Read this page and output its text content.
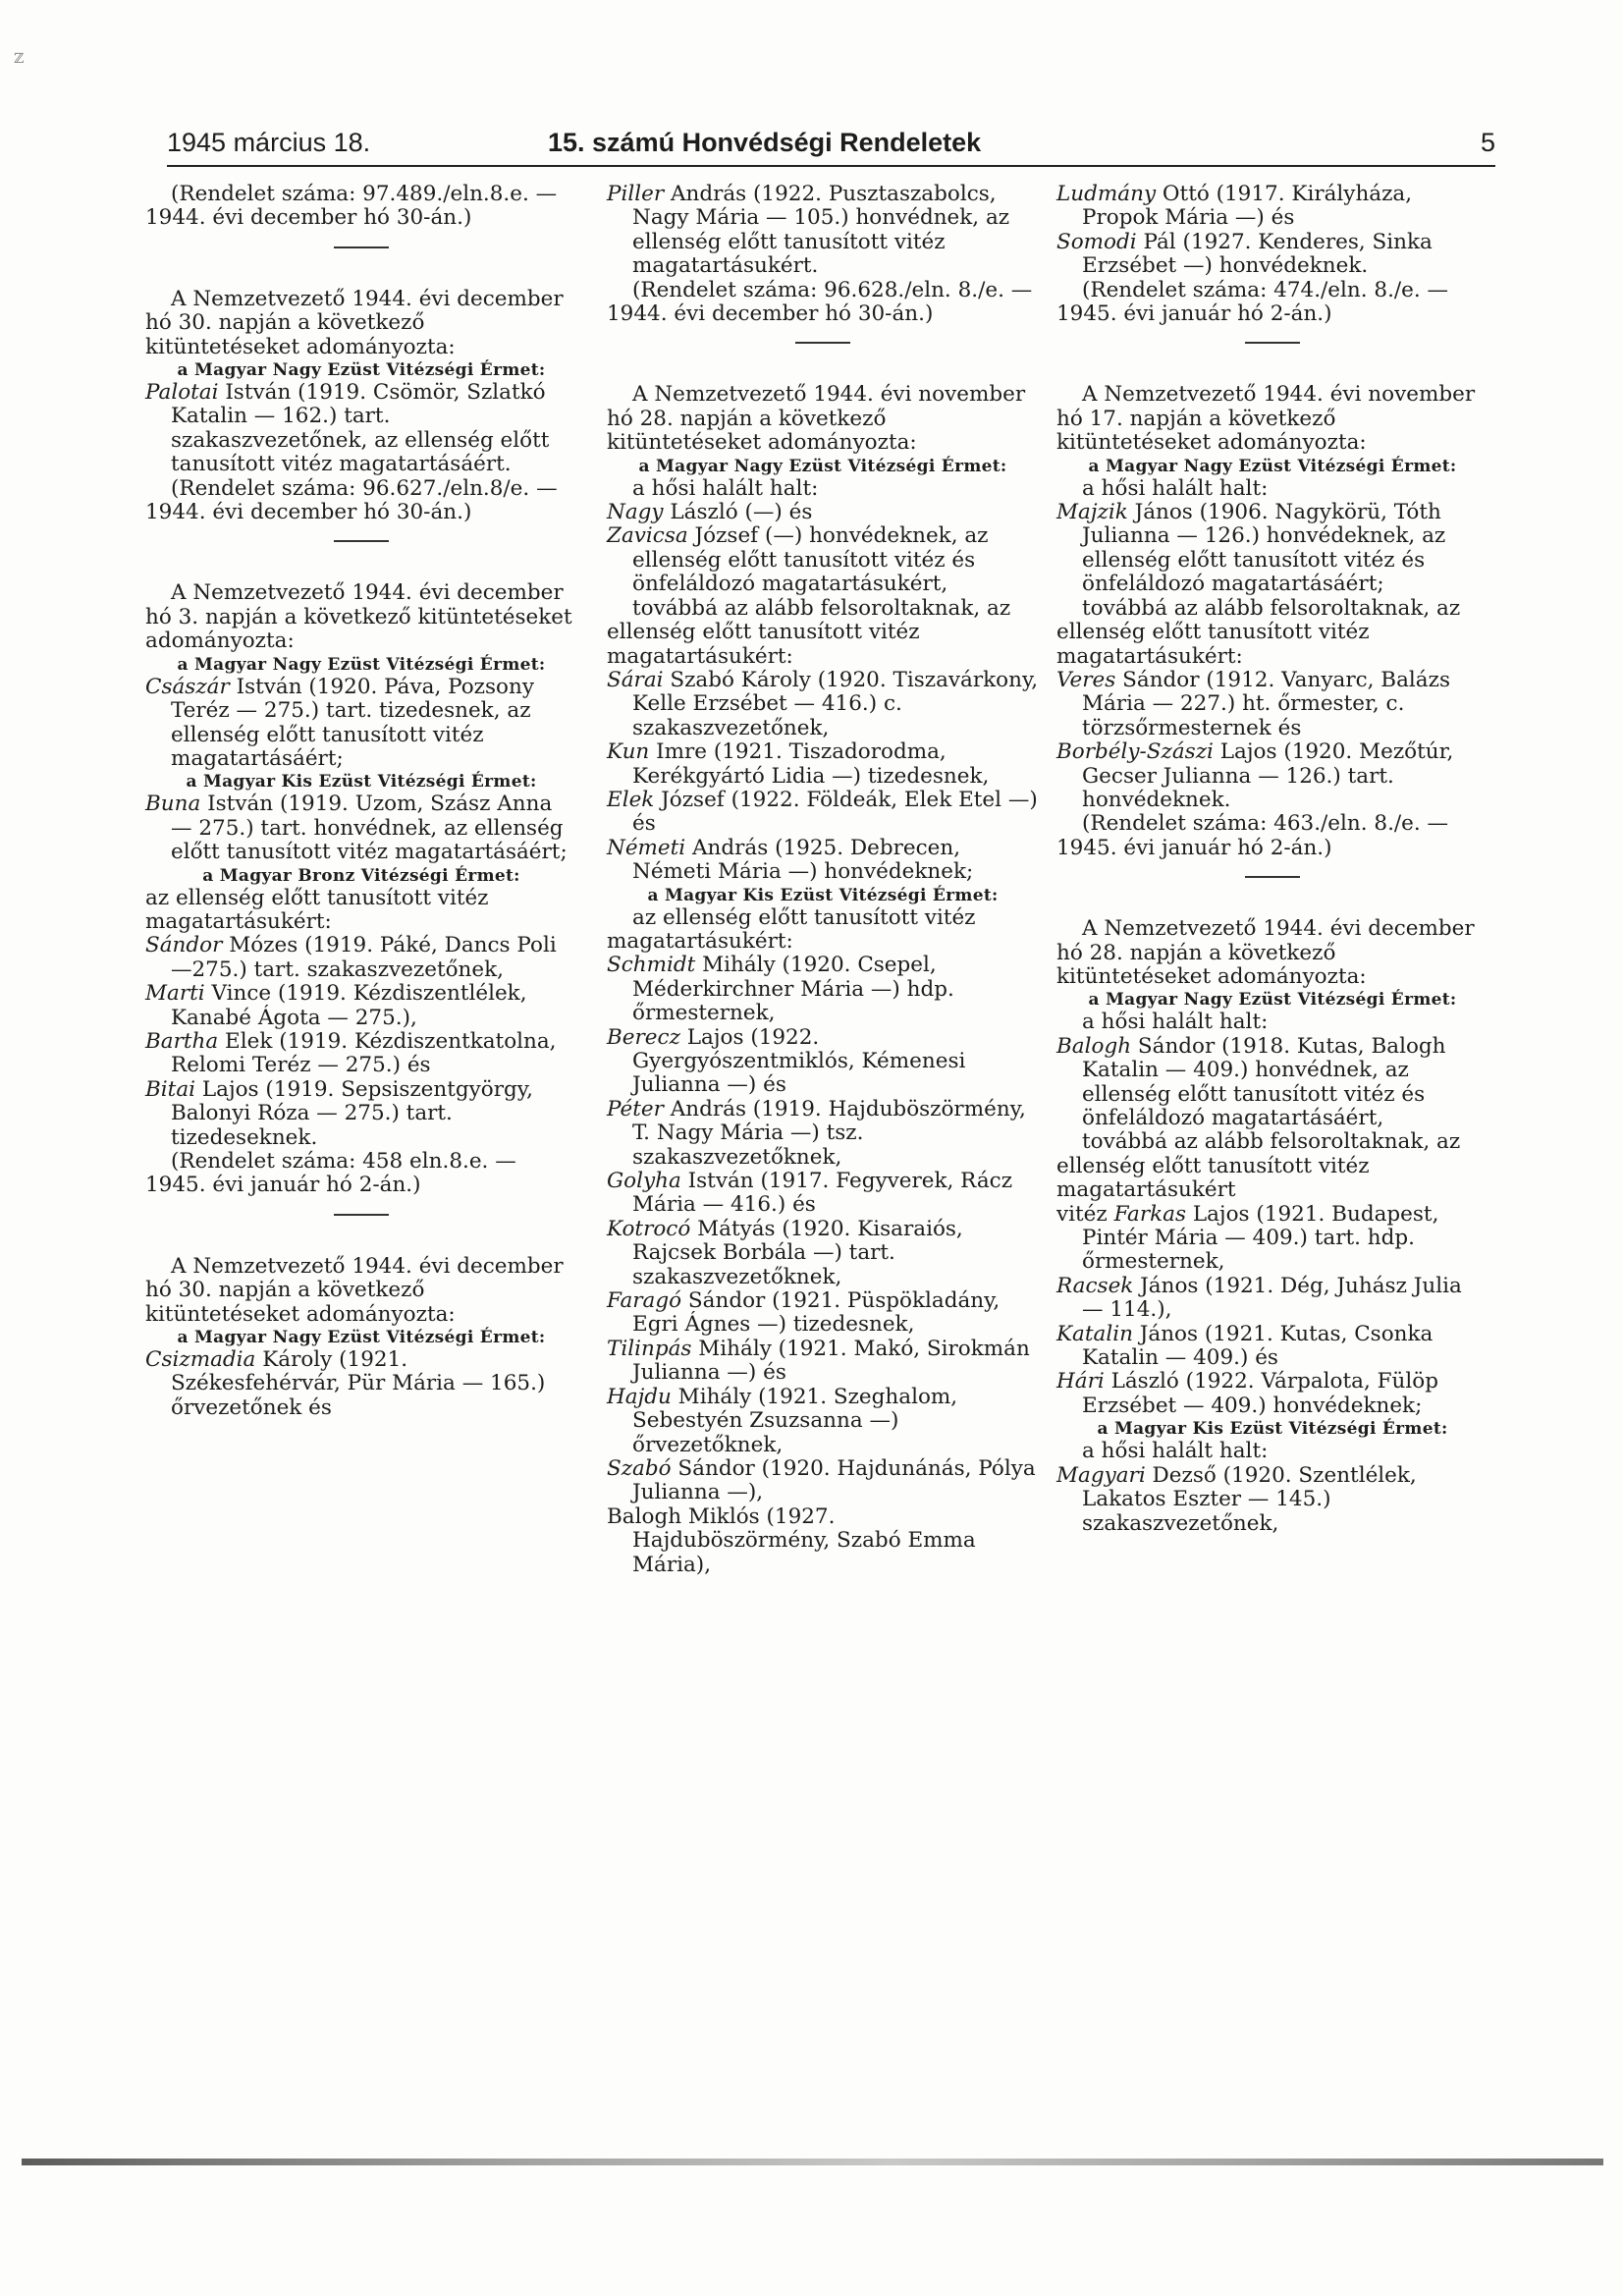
ℤ
1945 március 18.	15. számú Honvédségi Rendeletek	5

(Rendelet száma: 97.489./eln.8.e. — 1944. évi december hó 30-án.)

A Nemzetvezető 1944. évi december hó 30. napján a következő kitüntetéseket adományozta:

a Magyar Nagy Ezüst Vitézségi Érmet:

Palotai István (1919. Csömör, Szlatkó Katalin — 162.) tart. szakaszvezetőnek, az ellenség előtt tanusított vitéz magatartásáért.

(Rendelet száma: 96.627./eln.8/e. — 1944. évi december hó 30-án.)

A Nemzetvezető 1944. évi december hó 3. napján a következő kitüntetéseket adományozta:

a Magyar Nagy Ezüst Vitézségi Érmet:

Császár István (1920. Páva, Pozsony Teréz — 275.) tart. tizedesnek, az ellenség előtt tanusított vitéz magatartásáért;

a Magyar Kis Ezüst Vitézségi Érmet:

Buna István (1919. Uzom, Szász Anna — 275.) tart. honvédnek, az ellenség előtt tanusított vitéz magatartásáért;

a Magyar Bronz Vitézségi Érmet:

az ellenség előtt tanusított vitéz magatartásukért:

Sándor Mózes (1919. Páké, Dancs Poli —275.) tart. szakaszvezetőnek,

Marti Vince (1919. Kézdiszentlélek, Kanabé Ágota — 275.),

Bartha Elek (1919. Kézdiszentkatolna, Relomi Teréz — 275.) és

Bitai Lajos (1919. Sepsiszentgyörgy, Balonyi Róza — 275.) tart. tizedeseknek.

(Rendelet száma: 458 eln.8.e. — 1945. évi január hó 2-án.)

A Nemzetvezető 1944. évi december hó 30. napján a következő kitüntetéseket adományozta:

a Magyar Nagy Ezüst Vitézségi Érmet:

Csizmadia Károly (1921. Székesfehérvár, Pür Mária — 165.) őrvezetőnek és

Piller András (1922. Pusztaszabolcs, Nagy Mária — 105.) honvédnek, az ellenség előtt tanusított vitéz magatartásukért.

(Rendelet száma: 96.628./eln. 8./e. — 1944. évi december hó 30-án.)

A Nemzetvezető 1944. évi november hó 28. napján a következő kitüntetéseket adományozta:

a Magyar Nagy Ezüst Vitézségi Érmet:

a hősi halált halt:

Nagy László (—) és

Zavicsa József (—) honvédeknek, az ellenség előtt tanusított vitéz és önfeláldozó magatartásukért,

továbbá az alább felsoroltaknak, az ellenség előtt tanusított vitéz magatartásukért:

Sárai Szabó Károly (1920. Tiszavárkony, Kelle Erzsébet — 416.) c. szakaszvezetőnek,

Kun Imre (1921. Tiszadorodma, Kerékgyártó Lidia —) tizedesnek,

Elek József (1922. Földeák, Elek Etel —) és

Németi András (1925. Debrecen, Németi Mária —) honvédeknek;

a Magyar Kis Ezüst Vitézségi Érmet:

az ellenség előtt tanusított vitéz magatartásukért:

Schmidt Mihály (1920. Csepel, Méderkirchner Mária —) hdp. őrmesternek,

Berecz Lajos (1922. Gyergyószentmiklós, Kémenesi Julianna —) és

Péter András (1919. Hajduböszörmény, T. Nagy Mária —) tsz. szakaszvezetőknek,

Golyha István (1917. Fegyverek, Rácz Mária — 416.) és

Kotrocó Mátyás (1920. Kisaraiós, Rajcsek Borbála —) tart. szakaszvezetőknek,

Faragó Sándor (1921. Püspökladány, Egri Ágnes —) tizedesnek,

Tilinpás Mihály (1921. Makó, Sirokmán Julianna —) és

Hajdu Mihály (1921. Szeghalom, Sebestyén Zsuzsanna —) őrvezetőknek,

Szabó Sándor (1920. Hajdunánás, Pólya Julianna —),

Balogh Miklós (1927. Hajduböszörmény, Szabó Emma Mária),

Ludmány Ottó (1917. Királyháza, Propok Mária —) és

Somodi Pál (1927. Kenderes, Sinka Erzsébet —) honvédeknek.

(Rendelet száma: 474./eln. 8./e. — 1945. évi január hó 2-án.)

A Nemzetvezető 1944. évi november hó 17. napján a következő kitüntetéseket adományozta:

a Magyar Nagy Ezüst Vitézségi Érmet:

a hősi halált halt:

Majzik János (1906. Nagykörü, Tóth Julianna — 126.) honvédeknek, az ellenség előtt tanusított vitéz és önfeláldozó magatartásáért;

továbbá az alább felsoroltaknak, az ellenség előtt tanusított vitéz magatartásukért:

Veres Sándor (1912. Vanyarc, Balázs Mária — 227.) ht. őrmester, c. törzsőrmesternek és

Borbély-Szászi Lajos (1920. Mezőtúr, Gecser Julianna — 126.) tart. honvédeknek.

(Rendelet száma: 463./eln. 8./e. — 1945. évi január hó 2-án.)

A Nemzetvezető 1944. évi december hó 28. napján a következő kitüntetéseket adományozta:

a Magyar Nagy Ezüst Vitézségi Érmet:

a hősi halált halt:

Balogh Sándor (1918. Kutas, Balogh Katalin — 409.) honvédnek, az ellenség előtt tanusított vitéz és önfeláldozó magatartásáért,

továbbá az alább felsoroltaknak, az ellenség előtt tanusított vitéz magatartásukért

vitéz Farkas Lajos (1921. Budapest, Pintér Mária — 409.) tart. hdp. őrmesternek,

Racsek János (1921. Dég, Juhász Julia — 114.),

Katalin János (1921. Kutas, Csonka Katalin — 409.) és

Hári László (1922. Várpalota, Fülöp Erzsébet — 409.) honvédeknek;

a Magyar Kis Ezüst Vitézségi Érmet:

a hősi halált halt:

Magyari Dezső (1920. Szentlélek, Lakatos Eszter — 145.) szakaszvezetőnek,
